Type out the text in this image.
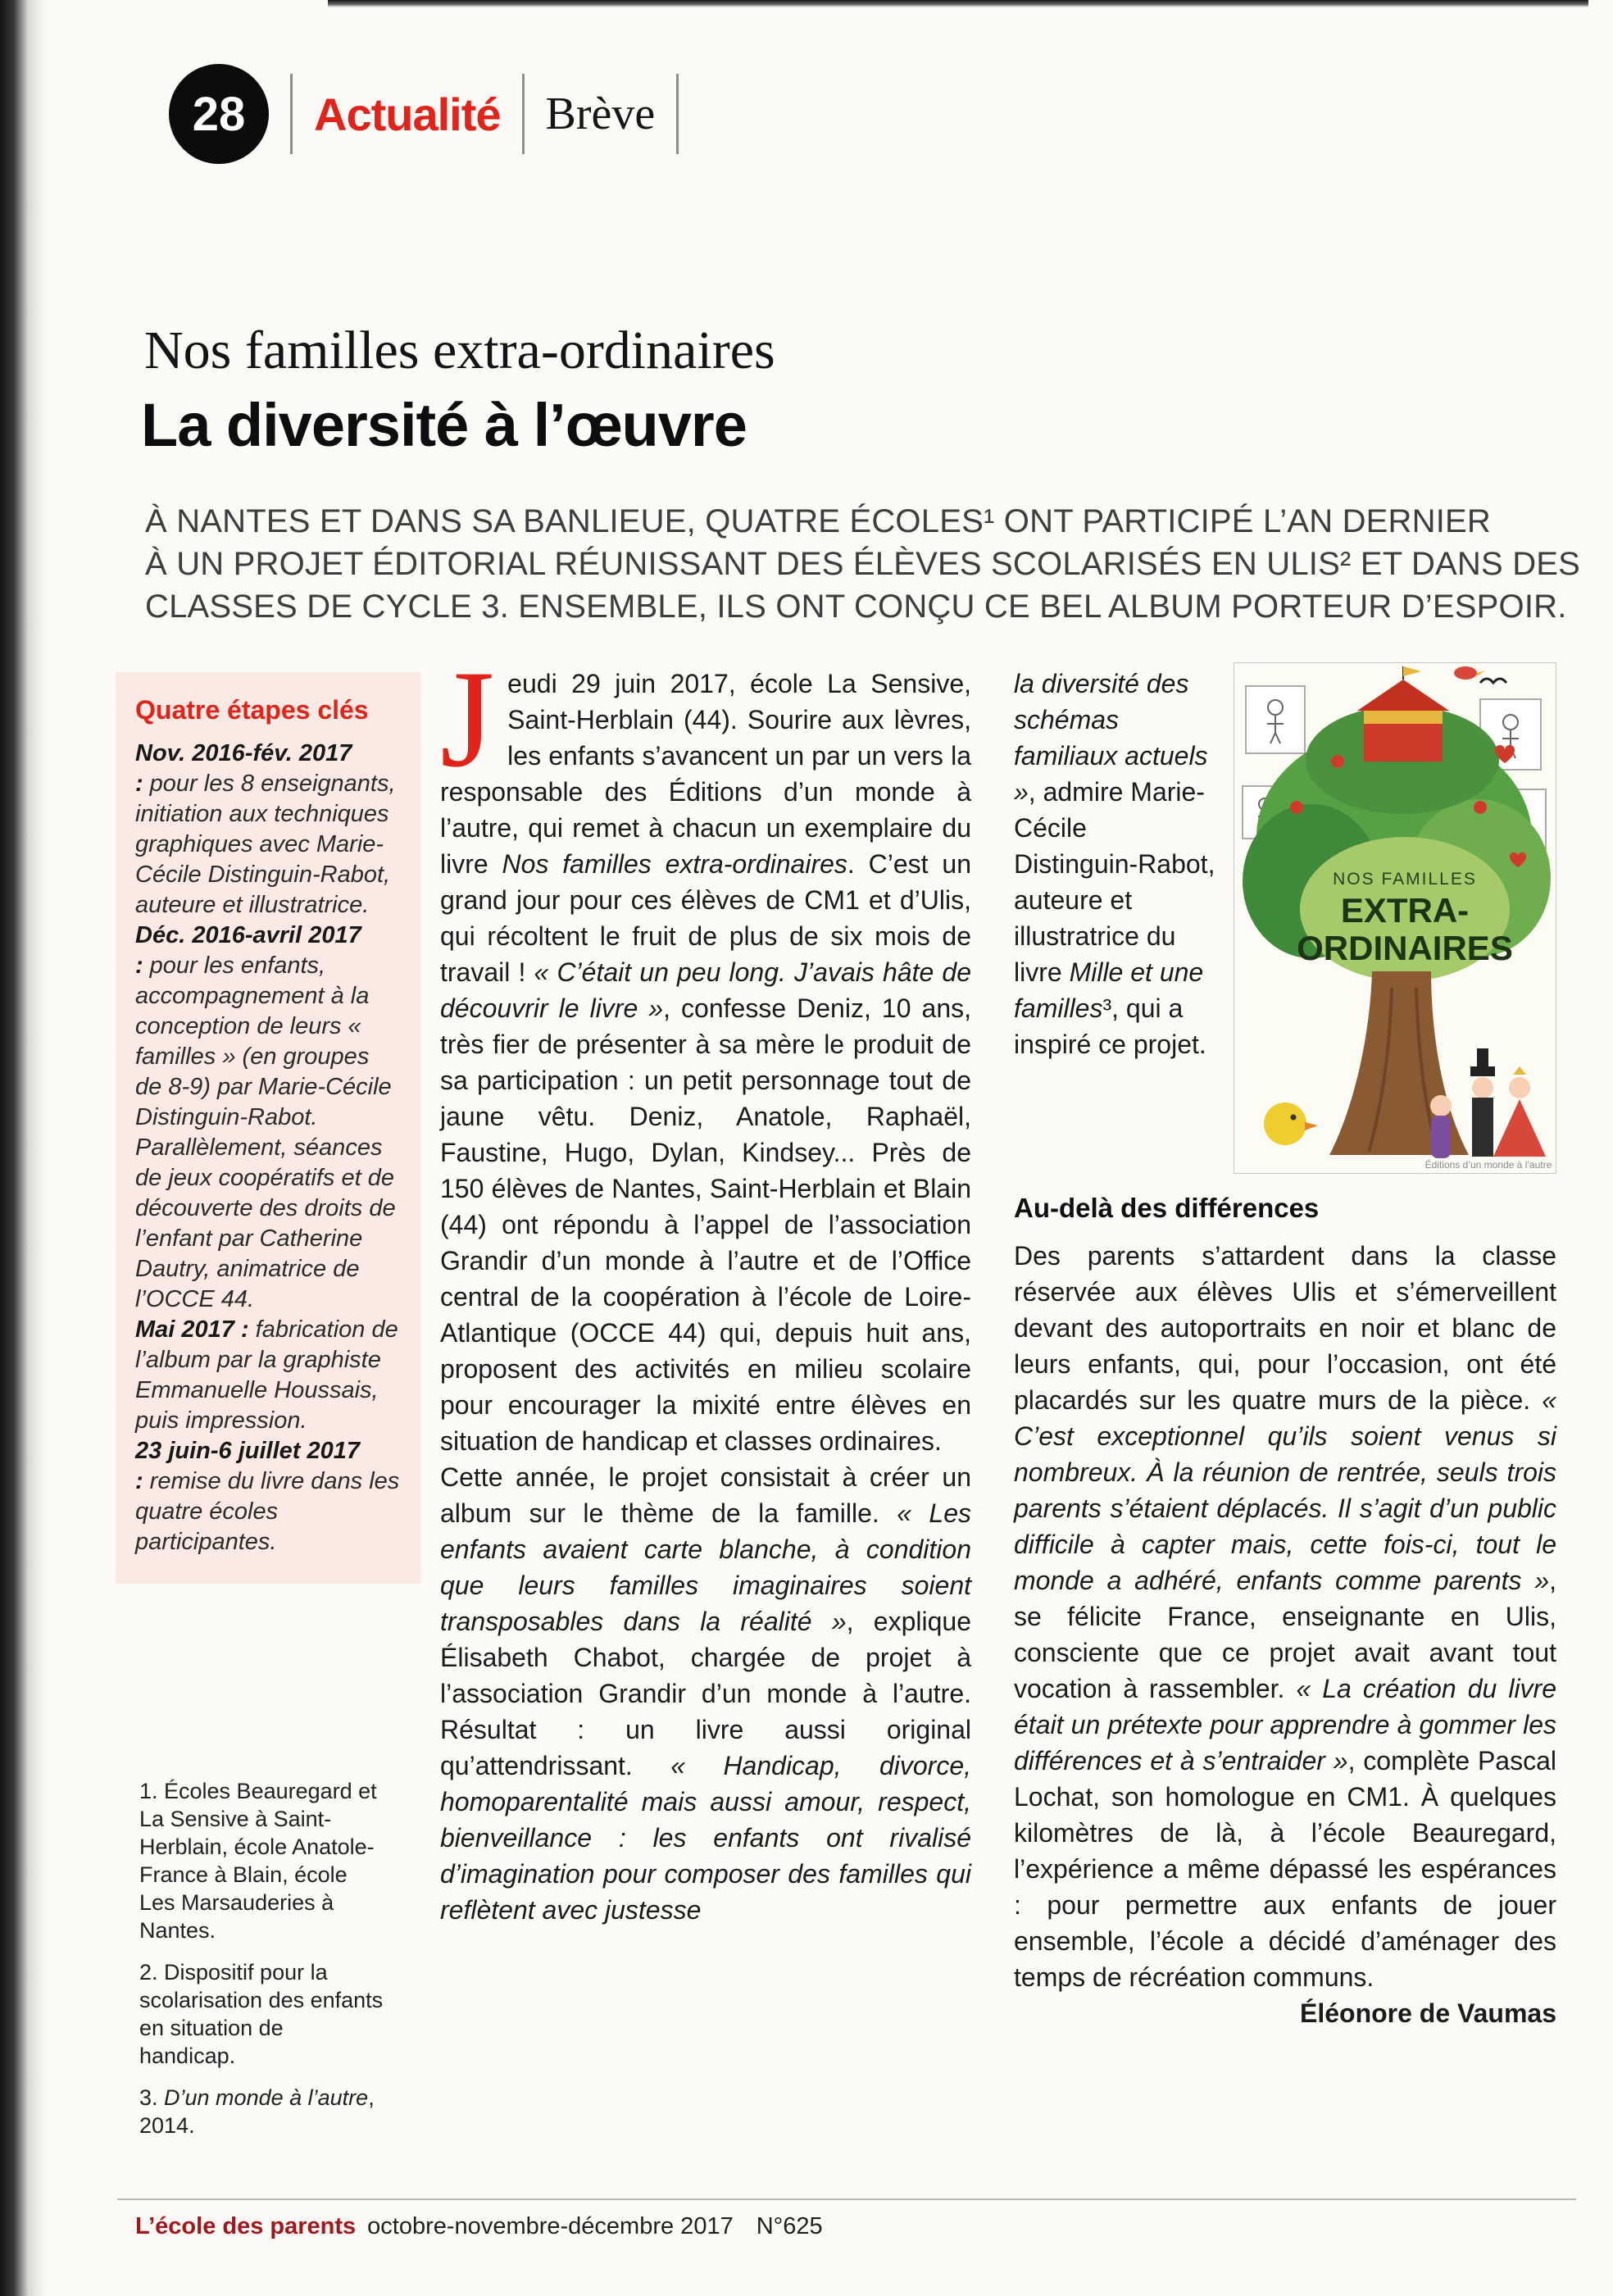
28	Actualité Brève
Nos familles extra-ordinaires
La diversité à l’œuvre
À NANTES ET DANS SA BANLIEUE, QUATRE ÉCOLES¹ ONT PARTICIPÉ L’AN DERNIER
À UN PROJET ÉDITORIAL RÉUNISSANT DES ÉLÈVES SCOLARISÉS EN ULIS² ET DANS DES
CLASSES DE CYCLE 3. ENSEMBLE, ILS ONT CONÇU CE BEL ALBUM PORTEUR D’ESPOIR.
Quatre étapes clés

Nov. 2016-fév. 2017 : pour les 8 enseignants, initiation aux techniques graphiques avec Marie-Cécile Distinguin-Rabot, auteure et illustratrice.

Déc. 2016-avril 2017 : pour les enfants, accompagnement à la conception de leurs « familles » (en groupes de 8-9) par Marie-Cécile Distinguin-Rabot. Parallèlement, séances de jeux coopératifs et de découverte des droits de l’enfant par Catherine Dautry, animatrice de l’OCCE 44.

Mai 2017 : fabrication de l’album par la graphiste Emmanuelle Houssais, puis impression.

23 juin-6 juillet 2017 : remise du livre dans les quatre écoles participantes.

1. Écoles Beauregard et La Sensive à Saint-Herblain, école Anatole-France à Blain, école Les Marsauderies à Nantes.
2. Dispositif pour la scolarisation des enfants en situation de handicap.
3. D’un monde à l’autre, 2014.

Jeudi 29 juin 2017, école La Sensive, Saint-Herblain (44). Sourire aux lèvres, les enfants s’avancent un par un vers la responsable des Éditions d’un monde à l’autre, qui remet à chacun un exemplaire du livre Nos familles extra-ordinaires. C’est un grand jour pour ces élèves de CM1 et d’Ulis, qui récoltent le fruit de plus de six mois de travail ! « C’était un peu long. J’avais hâte de découvrir le livre », confesse Deniz, 10 ans, très fier de présenter à sa mère le produit de sa participation : un petit personnage tout de jaune vêtu. Deniz, Anatole, Raphaël, Faustine, Hugo, Dylan, Kindsey... Près de 150 élèves de Nantes, Saint-Herblain et Blain (44) ont répondu à l’appel de l’association Grandir d’un monde à l’autre et de l’Office central de la coopération à l’école de Loire-Atlantique (OCCE 44) qui, depuis huit ans, proposent des activités en milieu scolaire pour encourager la mixité entre élèves en situation de handicap et classes ordinaires.

Cette année, le projet consistait à créer un album sur le thème de la famille. « Les enfants avaient carte blanche, à condition que leurs familles imaginaires soient transposables dans la réalité », explique Élisabeth Chabot, chargée de projet à l’association Grandir d’un monde à l’autre. Résultat : un livre aussi original qu’attendrissant. « Handicap, divorce, homoparentalité mais aussi amour, respect, bienveillance : les enfants ont rivalisé d’imagination pour composer des familles qui reflètent avec justesse

NOS FAMILLES
EXTRA-
ORDINAIRES
Éditions d’un monde à l’autre

la diversité des schémas familiaux actuels », admire Marie-Cécile Distinguin-Rabot, auteure et illustratrice du livre Mille et une familles³, qui a inspiré ce projet.

Au-delà des différences

Des parents s’attardent dans la classe réservée aux élèves Ulis et s’émerveillent devant des autoportraits en noir et blanc de leurs enfants, qui, pour l’occasion, ont été placardés sur les quatre murs de la pièce. « C’est exceptionnel qu’ils soient venus si nombreux. À la réunion de rentrée, seuls trois parents s’étaient déplacés. Il s’agit d’un public difficile à capter mais, cette fois-ci, tout le monde a adhéré, enfants comme parents », se félicite France, enseignante en Ulis, consciente que ce projet avait avant tout vocation à rassembler. « La création du livre était un prétexte pour apprendre à gommer les différences et à s’entraider », complète Pascal Lochat, son homologue en CM1. À quelques kilomètres de là, à l’école Beauregard, l’expérience a même dépassé les espérances : pour permettre aux enfants de jouer ensemble, l’école a décidé d’aménager des temps de récréation communs.
Éléonore de Vaumas

L’école des parents octobre-novembre-décembre 2017 N°625
